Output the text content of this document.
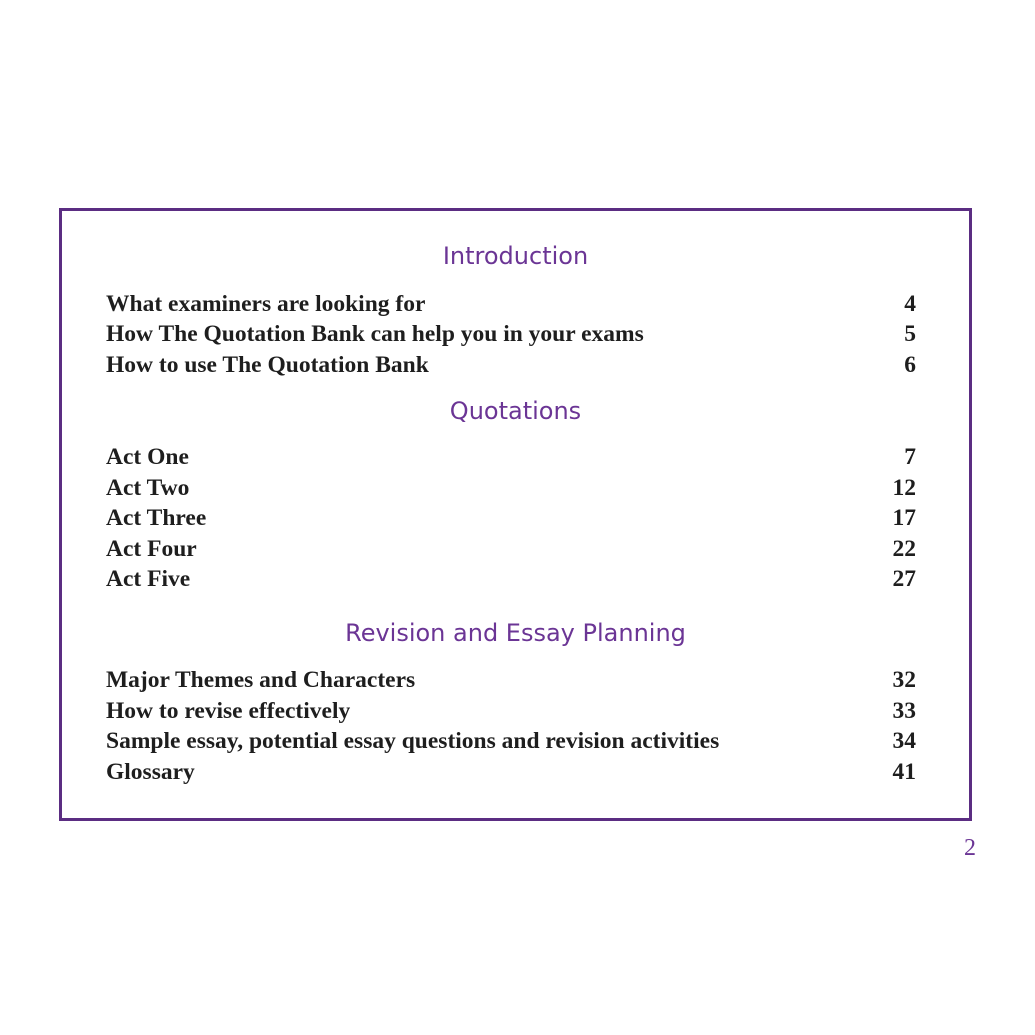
Introduction
What examiners are looking for	4
How The Quotation Bank can help you in your exams	5
How to use The Quotation Bank	6
Quotations
Act One	7
Act Two	12
Act Three	17
Act Four	22
Act Five	27
Revision and Essay Planning
Major Themes and Characters	32
How to revise effectively	33
Sample essay, potential essay questions and revision activities	34
Glossary	41
2
